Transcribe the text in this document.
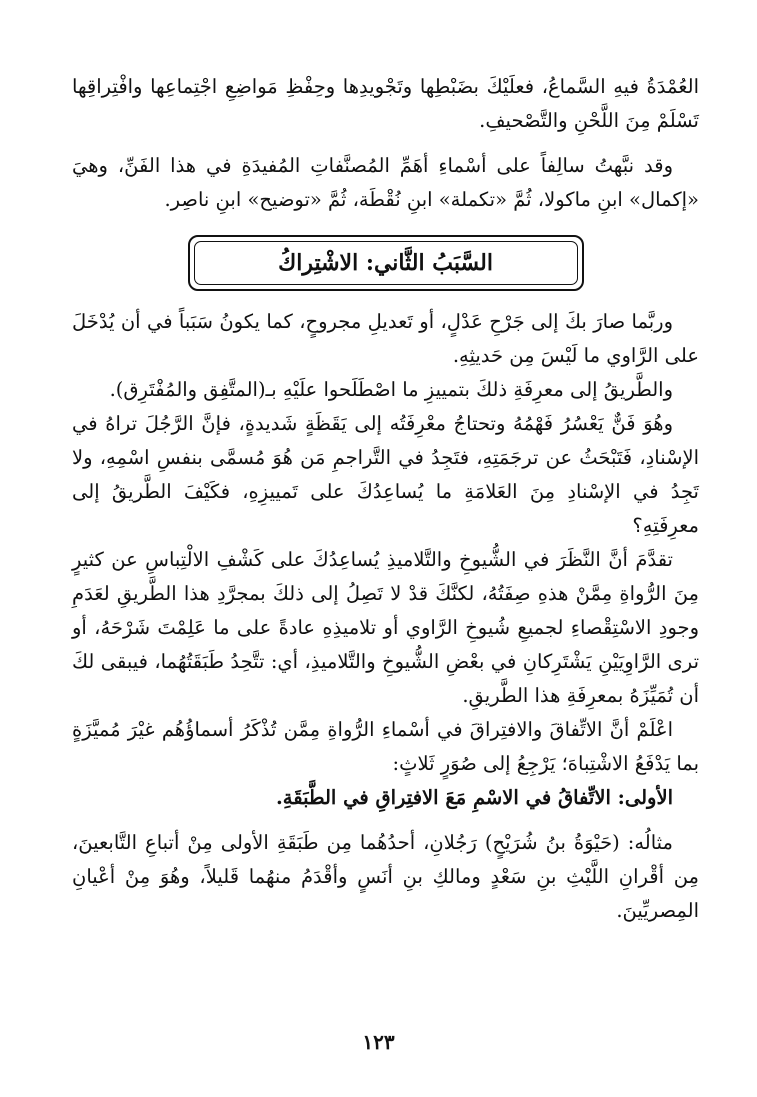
العُمْدَةُ فيهِ السَّماعُ، فعلَيْكَ بضَبْطِها وتَجْويدِها وحِفْظِ مَواضِعِ اجْتِماعِها وافْتِراقِها تَسْلَمْ مِنَ اللَّحْنِ والتَّصْحيفِ.

وقد نبَّهتُ سالِفاً على أسْماءِ أهَمِّ المُصنَّفاتِ المُفيدَةِ في هذا الفَنِّ، وهيَ «إكمال» ابنِ ماكولا، ثُمَّ «تكملة» ابنِ نُقْطَة، ثُمَّ «توضيح» ابنِ ناصِر.

السَّبَبُ الثَّاني: الاشْتِراكُ

وربَّما صارَ بكَ إلى جَرْحِ عَدْلٍ، أو تَعديلِ مجروحٍ، كما يكونُ سَبَباً في أن يُدْخَلَ على الرَّاوي ما لَيْسَ مِن حَديثِهِ.

والطَّريقُ إلى معرِفَةِ ذلكَ بتمييزِ ما اصْطَلَحوا علَيْهِ بـ(المتَّفِق والمُفْتَرِق).

وهُوَ فَنٌّ يَعْسُرُ فَهْمُهُ وتحتاجُ معْرِفَتُه إلى يَقَظَةٍ شَديدةٍ، فإنَّ الرَّجُلَ تراهُ في الإسْنادِ، فَتَبْحَثُ عن ترجَمَتِهِ، فتَجِدُ في التَّراجمِ مَن هُوَ مُسمَّى بنفسِ اسْمِهِ، ولا تَجِدُ في الإسْنادِ مِنَ العَلامَةِ ما يُساعِدُكَ على تَمييزِهِ، فكَيْفَ الطَّريقُ إلى معرِفَتِهِ؟

تقدَّمَ أنَّ النَّظَرَ في الشُّيوخِ والتَّلاميذِ يُساعِدُكَ على كَشْفِ الالْتِباسِ عن كثيرٍ مِنَ الرُّواةِ مِمَّنْ هذهِ صِفَتُهُ، لكنَّكَ قدْ لا تَصِلُ إلى ذلكَ بمجرَّدِ هذا الطَّريقِ لعَدَمِ وجودِ الاسْتِقْصاءِ لجميعِ شُيوخِ الرَّاوي أو تلاميذِهِ عادةً على ما عَلِمْتَ شَرْحَهُ، أو ترى الرَّاوِيَيْنِ يَشْتَرِكانِ في بعْضِ الشُّيوخِ والتَّلاميذِ، أي: تتَّحِدُ طَبَقَتُهُما، فيبقى لكَ أن تُمَيِّزَهُ بمعرِفَةِ هذا الطَّريقِ.

اعْلَمْ أنَّ الاتِّفاقَ والافتِراقَ في أسْماءِ الرُّواةِ مِمَّن تُذْكَرُ أسماؤُهُم غيْرَ مُميَّزَةٍ بما يَدْفَعُ الاشْتِباهَ؛ يَرْجِعُ إلى صُوَرٍ ثَلاثٍ:

الأولى: الاتِّفاقُ في الاسْمِ مَعَ الافتِراقِ في الطَّبَقَةِ.

مثالُه: (حَيْوَةُ بنُ شُرَيْحٍ) رَجُلانِ، أحدُهُما مِن طَبَقَةِ الأولى مِنْ أتباعِ التَّابعينَ، مِن أقْرانِ اللَّيْثِ بنِ سَعْدٍ ومالكِ بنِ أنَسٍ وأقْدَمُ منهُما قَليلاً، وهُوَ مِنْ أعْيانِ المِصريِّينَ.

١٢٣
